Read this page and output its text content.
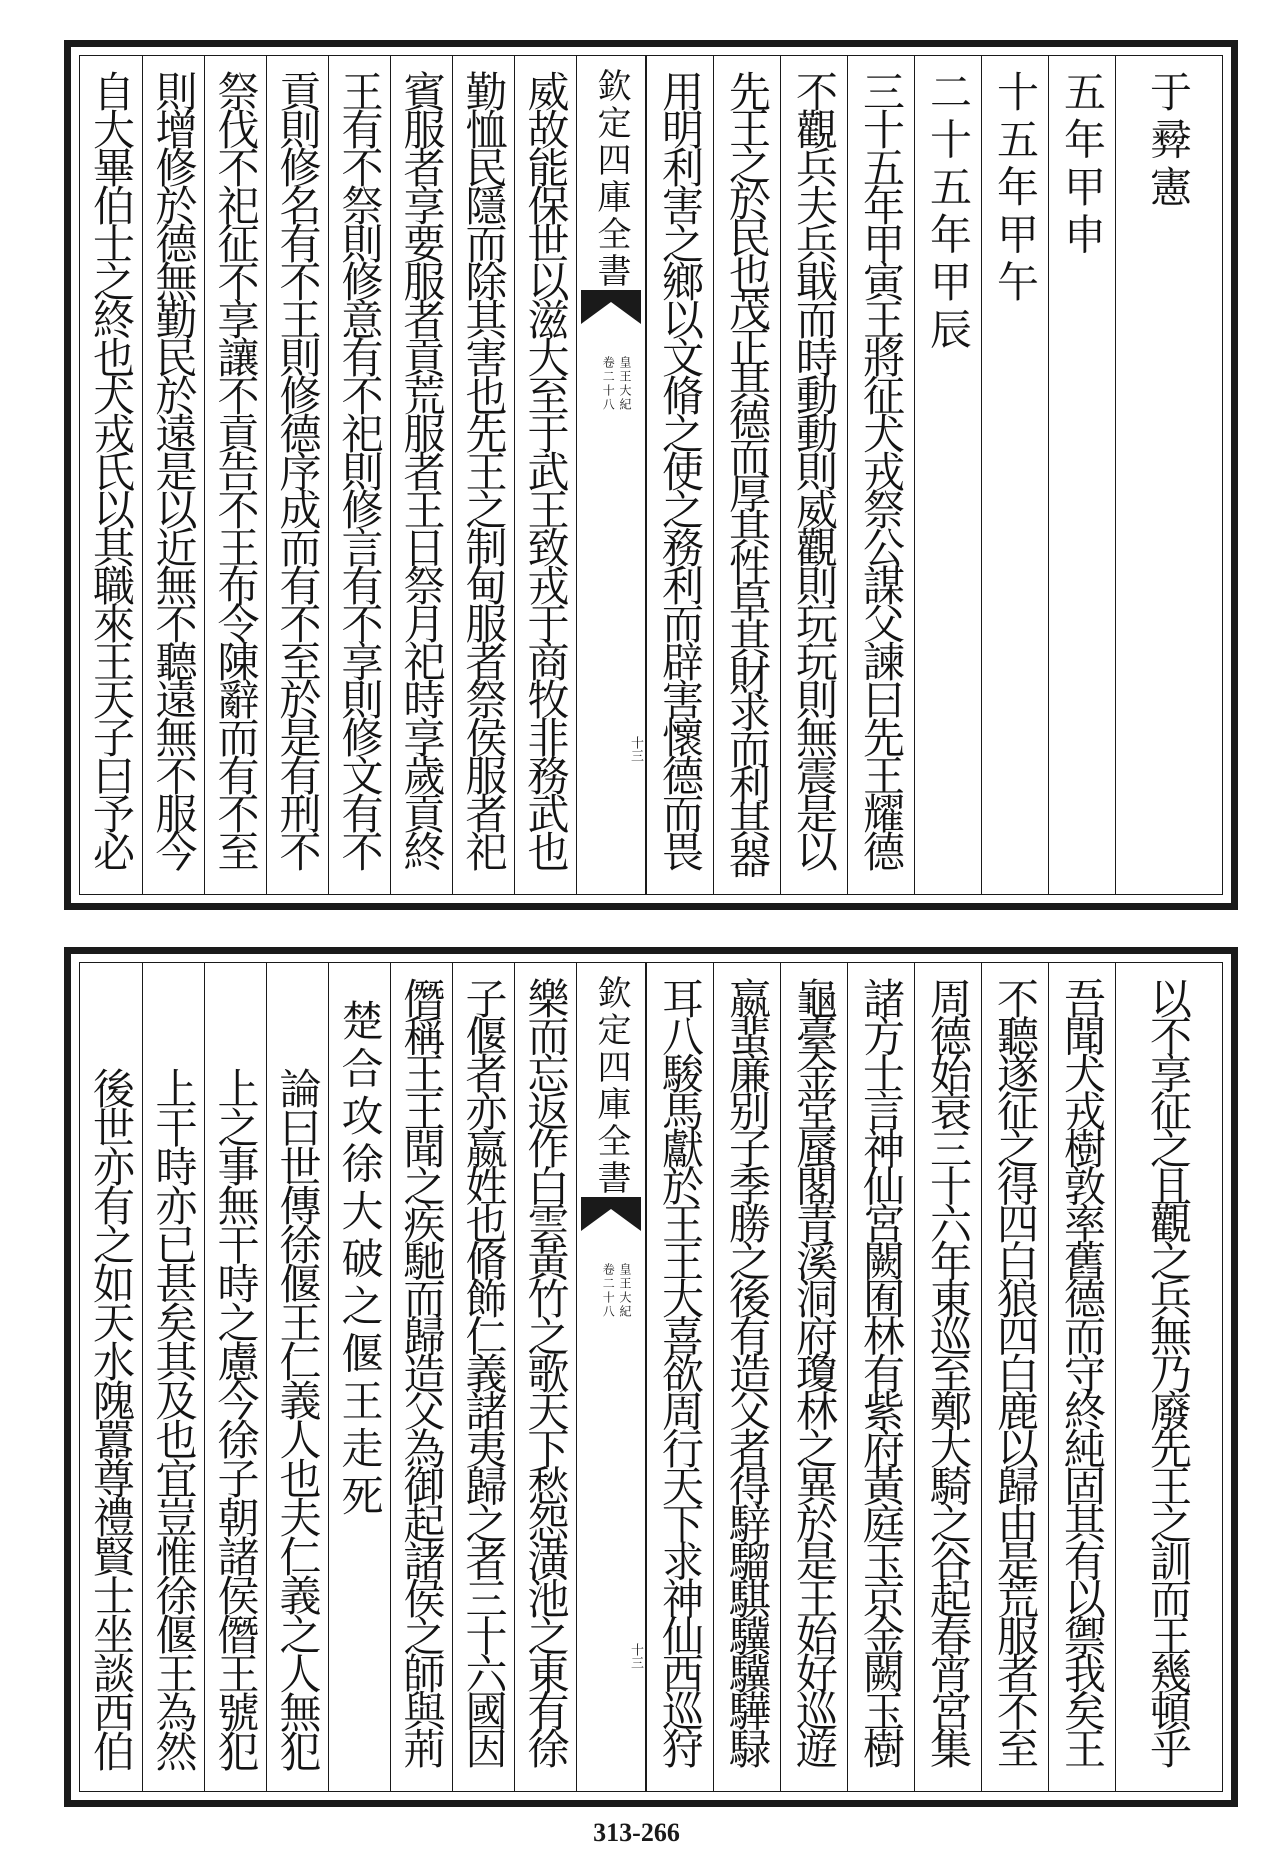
自大畢伯士之終也犬戎氏以其職來王天子曰予必 則增修於德無勤民於遠是以近無不聽遠無不服今 祭伐不祀征不享讓不貢告不王布令陳辭而有不至 貢則修名有不王則修德序成而有不至於是有刑不 王有不祭則修意有不祀則修言有不享則修文有不 賓服者享要服者貢荒服者王日祭月祀時享歲貢終 勤恤民隱而除其害也先王之制甸服者祭侯服者祀 威故能保世以滋大至于武王致戎于商牧非務武也 欽定四庫全書
皇王大紀
卷二十八
十三 用明利害之鄉以文脩之使之務利而辟害懷德而畏 先王之於民也茂正其德而厚其性阜其財求而利其器 不觀兵夫兵戢而時動動則威觀則玩玩則無震是以 三十五年甲寅王將征犬戎祭公謀父諫曰先王耀德 二十五年甲辰 十五年甲午 五年甲申 于彛憲
後世亦有之如天水隗囂尊禮賢士坐談西伯 上干時亦已甚矣其及也宜豈惟徐偃王為然 上之事無干時之慮今徐子朝諸侯僭王號犯 論曰世傳徐偃王仁義人也夫仁義之人無犯 楚合攻徐大破之偃王走死 僭稱王王聞之疾馳而歸造父為御起諸侯之師與荊 子偃者亦嬴姓也脩飾仁義諸夷歸之者三十六國因 樂而忘返作白雲黃竹之歌天下愁怨潢池之東有徐 欽定四庫全書
皇王大紀
卷二十八
十三 耳八駿馬獻於王王大喜欲周行天下求神仙西巡狩 嬴蜚廉别子季勝之後有造父者得騂騮騏驥驥驊騄 龜臺金堂蜃閣青溪洞府瓊林之異於是王始好巡遊 諸方士言神仙宮闕囿林有紫府黃庭玉京金闕玉樹 周德始衰三十六年東巡至鄭大騎之谷起春宵宮集 不聽遂征之得四白狼四白鹿以歸由是荒服者不至 吾聞犬戎樹敦率舊德而守終純固其有以禦我矣王 以不享征之且觀之兵無乃廢先王之訓而王幾頓乎
313-266
